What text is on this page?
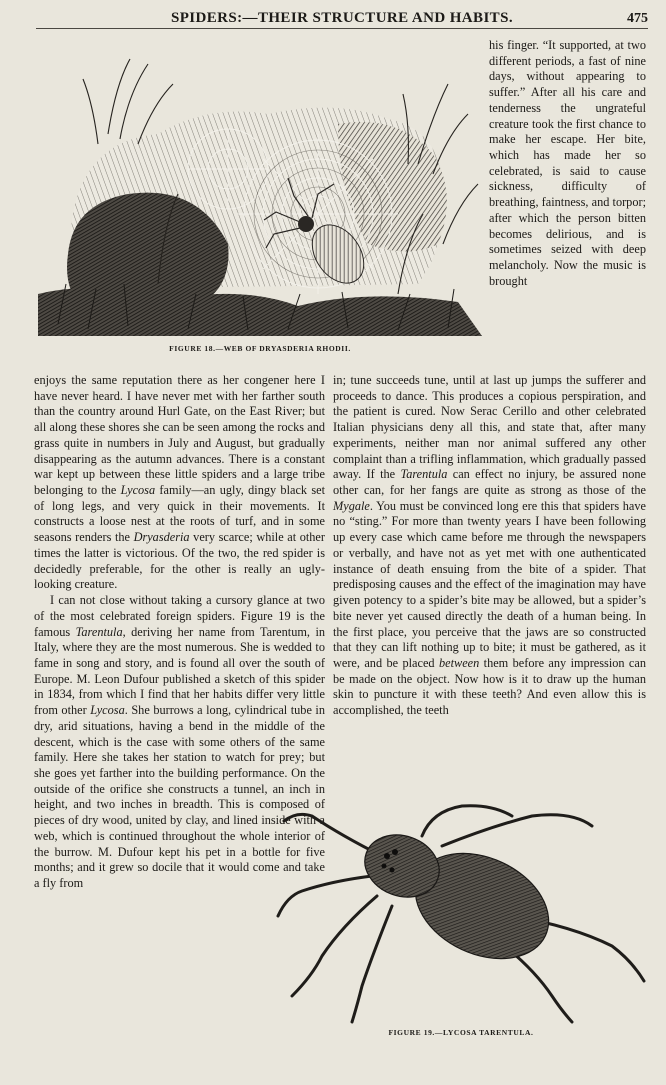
SPIDERS:—THEIR STRUCTURE AND HABITS.	475
FIGURE 18.—WEB OF DRYASDERIA RHODII.

his finger. “It supported, at two different periods, a fast of nine days, without appearing to suffer.” After all his care and tenderness the ungrateful creature took the first chance to make her escape. Her bite, which has made her so celebrated, is said to cause sickness, difficulty of breathing, faintness, and torpor; after which the person bitten becomes delirious, and is sometimes seized with deep melancholy. Now the music is brought

enjoys the same reputation there as her congener here I have never heard. I have never met with her farther south than the country around Hurl Gate, on the East River; but all along these shores she can be seen among the rocks and grass quite in numbers in July and August, but gradually disappearing as the autumn advances. There is a constant war kept up between these little spiders and a large tribe belonging to the Lycosa family—an ugly, dingy black set of long legs, and very quick in their movements. It constructs a loose nest at the roots of turf, and in some seasons renders the Dryasderia very scarce; while at other times the latter is victorious. Of the two, the red spider is decidedly preferable, for the other is really an ugly-looking creature.

I can not close without taking a cursory glance at two of the most celebrated foreign spiders. Figure 19 is the famous Tarentula, deriving her name from Tarentum, in Italy, where they are the most numerous. She is wedded to fame in song and story, and is found all over the south of Europe. M. Leon Dufour published a sketch of this spider in 1834, from which I find that her habits differ very little from other Lycosa. She burrows a long, cylindrical tube in dry, arid situations, having a bend in the middle of the descent, which is the case with some others of the same family. Here she takes her station to watch for prey; but she goes yet farther into the building performance. On the outside of the orifice she constructs a tunnel, an inch in height, and two inches in breadth. This is composed of pieces of dry wood, united by clay, and lined inside with a web, which is continued throughout the whole interior of the burrow. M. Dufour kept his pet in a bottle for five months; and it grew so docile that it would come and take a fly from

in; tune succeeds tune, until at last up jumps the sufferer and proceeds to dance. This produces a copious perspiration, and the patient is cured. Now Serac Cerillo and other celebrated Italian physicians deny all this, and state that, after many experiments, neither man nor animal suffered any other complaint than a trifling inflammation, which gradually passed away. If the Tarentula can effect no injury, be assured none other can, for her fangs are quite as strong as those of the Mygale. You must be convinced long ere this that spiders have no “sting.” For more than twenty years I have been following up every case which came before me through the newspapers or verbally, and have not as yet met with one authenticated instance of death ensuing from the bite of a spider. That predisposing causes and the effect of the imagination may have given potency to a spider’s bite may be allowed, but a spider’s bite never yet caused directly the death of a human being. In the first place, you perceive that the jaws are so constructed that they can lift nothing up to bite; it must be gathered, as it were, and be placed between them before any impression can be made on the object. Now how is it to draw up the human skin to puncture it with these teeth? And even allow this is accomplished, the teeth

FIGURE 19.—LYCOSA TARENTULA.
